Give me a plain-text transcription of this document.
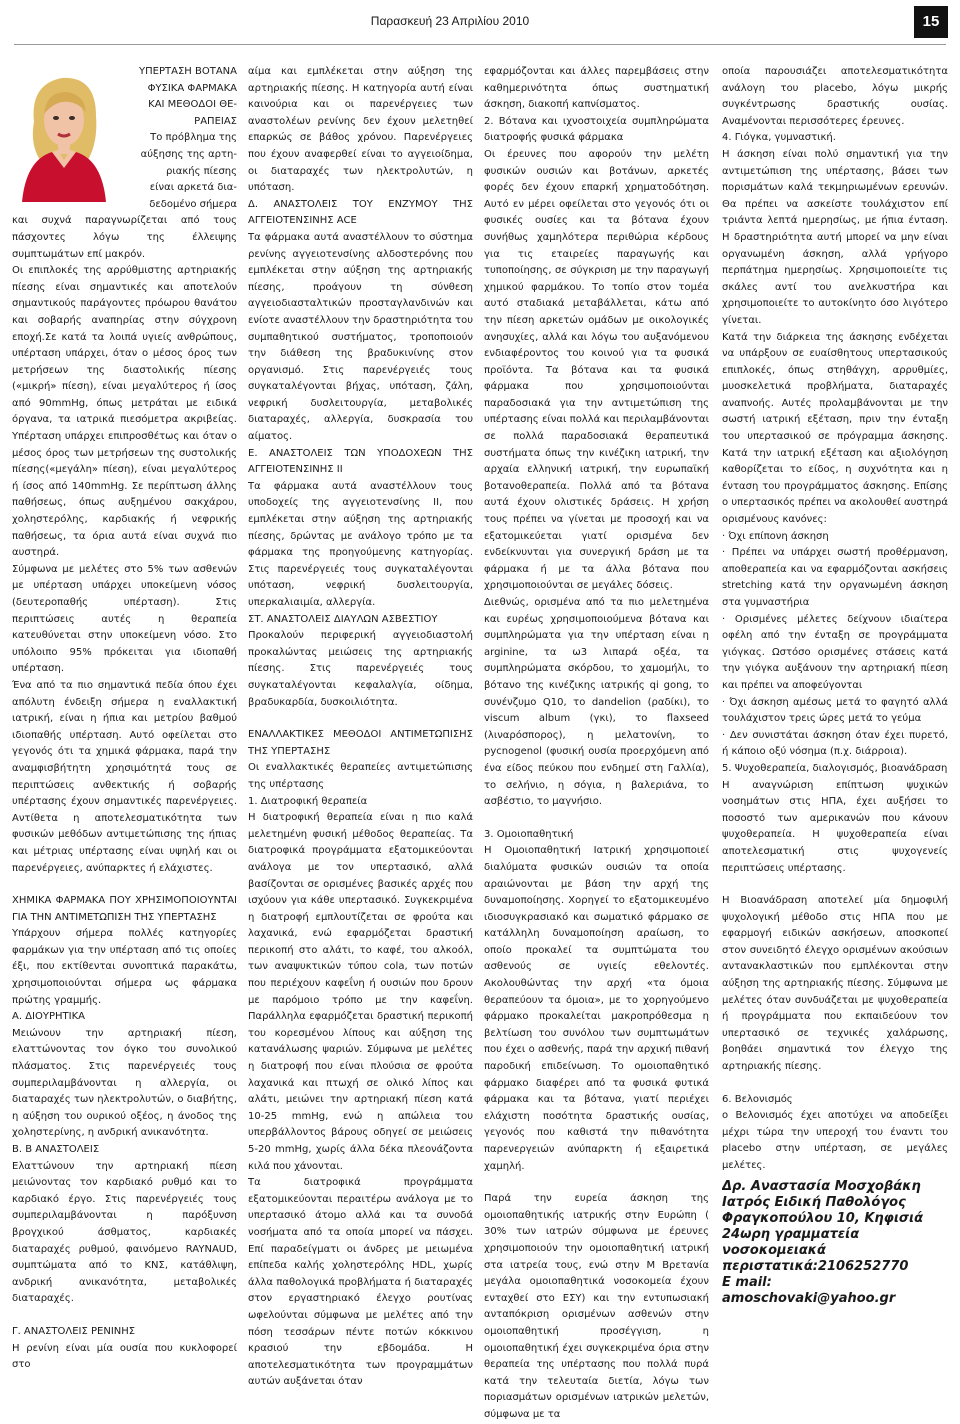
Παρασκευή 23 Απριλίου 2010	15

ΥΠΕΡΤΑΣΗ ΒΟΤΑΝΑ

ΦΥΣΙΚΑ ΦΑΡΜΑΚΑ

ΚΑΙ ΜΕΘΟΔΟΙ ΘΕ-

ΡΑΠΕΙΑΣ

Το πρόβλημα της

αύξησης της αρτη-

ριακής πίεσης

είναι αρκετά δια-

δεδομένο σήμερα

και συχνά παραγνωρίζεται από τους πάσχοντες λόγω της έλλειψης συμπτωμάτων επί μακρόν.

Οι επιπλοκές της αρρύθμιστης αρτηριακής πίεσης είναι σημαντικές και αποτελούν σημαντικούς παράγοντες πρόωρου θανάτου και σοβαρής αναπηρίας στην σύγχρονη εποχή.Σε κατά τα λοιπά υγιείς ανθρώπους, υπέρταση υπάρχει, όταν ο μέσος όρος των μετρήσεων της διαστολικής πίεσης («μικρή» πίεση), είναι μεγαλύτερος ή ίσος από 90mmHg, όπως μετράται με ειδικά όργανα, τα ιατρικά πιεσόμετρα ακριβείας. Υπέρταση υπάρχει επιπροσθέτως και όταν ο μέσος όρος των μετρήσεων της συστολικής πίεσης(«μεγάλη» πίεση), είναι μεγαλύτερος ή ίσος από 140mmHg. Σε περίπτωση άλλης παθήσεως, όπως αυξημένου σακχάρου, χοληστερόλης, καρδιακής ή νεφρικής παθήσεως, τα όρια αυτά είναι συχνά πιο αυστηρά.

Σύμφωνα με μελέτες στο 5% των ασθενών με υπέρταση υπάρχει υποκείμενη νόσος (δευτεροπαθής υπέρταση). Στις περιπτώσεις αυτές η θεραπεία κατευθύνεται στην υποκείμενη νόσο. Στο υπόλοιπο 95% πρόκειται για ιδιοπαθή υπέρταση.

Ένα από τα πιο σημαντικά πεδία όπου έχει απόλυτη ένδειξη σήμερα η εναλλακτική ιατρική, είναι η ήπια και μετρίου βαθμού ιδιοπαθής υπέρταση. Αυτό οφείλεται στο γεγονός ότι τα χημικά φάρμακα, παρά την αναμφισβήτητη χρησιμότητά τους σε περιπτώσεις ανθεκτικής ή σοβαρής υπέρτασης έχουν σημαντικές παρενέργειες. Αντίθετα η αποτελεσματικότητα των φυσικών μεθόδων αντιμετώπισης της ήπιας και μέτριας υπέρτασης είναι υψηλή και οι παρενέργειες, ανύπαρκτες ή ελάχιστες.

ΧΗΜΙΚΑ ΦΑΡΜΑΚΑ ΠΟΥ ΧΡΗΣΙΜΟΠΟΙΟΥΝΤΑΙ ΓΙΑ ΤΗΝ ΑΝΤΙΜΕΤΩΠΙΣΗ ΤΗΣ ΥΠΕΡΤΑΣΗΣ

Υπάρχουν σήμερα πολλές κατηγορίες φαρμάκων για την υπέρταση από τις οποίες έξι, που εκτίθενται συνοπτικά παρακάτω, χρησιμοποιούνται σήμερα ως φάρμακα πρώτης γραμμής.

Α. ΔΙΟΥΡΗΤΙΚΑ

Μειώνουν την αρτηριακή πίεση, ελαττώνοντας τον όγκο του συνολικού πλάσματος. Στις παρενέργειές τους συμπεριλαμβάνονται η αλλεργία, οι διαταραχές των ηλεκτρολυτών, ο διαβήτης, η αύξηση του ουρικού οξέος, η άνοδος της χοληστερίνης, η ανδρική ανικανότητα.

Β. Β ΑΝΑΣΤΟΛΕΙΣ

Ελαττώνουν την αρτηριακή πίεση μειώνοντας τον καρδιακό ρυθμό και το καρδιακό έργο. Στις παρενέργειές τους συμπεριλαμβάνονται η παρόξυνση βρογχικού άσθματος, καρδιακές διαταραχές ρυθμού, φαινόμενο RAYNAUD, συμπτώματα από το ΚΝΣ, κατάθλιψη, ανδρική ανικανότητα, μεταβολικές διαταραχές.

Γ. ΑΝΑΣΤΟΛΕΙΣ ΡΕΝΙΝΗΣ

Η ρενίνη είναι μία ουσία που κυκλοφορεί στο

αίμα και εμπλέκεται στην αύξηση της αρτηριακής πίεσης. Η κατηγορία αυτή είναι καινούρια και οι παρενέργειες των αναστολέων ρενίνης δεν έχουν μελετηθεί επαρκώς σε βάθος χρόνου. Παρενέργειες που έχουν αναφερθεί είναι το αγγειοίδημα, οι διαταραχές των ηλεκτρολυτών, η υπόταση.

Δ. ΑΝΑΣΤΟΛΕΙΣ ΤΟΥ ΕΝΖΥΜΟΥ ΤΗΣ ΑΓΓΕΙΟΤΕΝΣΙΝΗΣ ACE

Τα φάρμακα αυτά αναστέλλουν το σύστημα ρενίνης αγγειοτενσίνης αλδοστερόνης που εμπλέκεται στην αύξηση της αρτηριακής πίεσης, προάγουν τη σύνθεση αγγειοδιασταλτικών προσταγλανδινών και ενίοτε αναστέλλουν την δραστηριότητα του συμπαθητικού συστήματος, τροποποιούν την διάθεση της βραδυκινίνης στον οργανισμό. Στις παρενέργειές τους συγκαταλέγονται βήχας, υπόταση, ζάλη, νεφρική δυσλειτουργία, μεταβολικές διαταραχές, αλλεργία, δυσκρασία του αίματος.

Ε. ΑΝΑΣΤΟΛΕΙΣ ΤΩΝ ΥΠΟΔΟΧΕΩΝ ΤΗΣ ΑΓΓΕΙΟΤΕΝΣΙΝΗΣ ΙΙ

Τα φάρμακα αυτά αναστέλλουν τους υποδοχείς της αγγειοτενσίνης ΙΙ, που εμπλέκεται στην αύξηση της αρτηριακής πίεσης, δρώντας με ανάλογο τρόπο με τα φάρμακα της προηγούμενης κατηγορίας. Στις παρενέργειές τους συγκαταλέγονται υπόταση, νεφρική δυσλειτουργία, υπερκαλιαιμία, αλλεργία.

ΣΤ. ΑΝΑΣΤΟΛΕΙΣ ΔΙΑΥΛΩΝ ΑΣΒΕΣΤΙΟΥ

Προκαλούν περιφερική αγγειοδιαστολή προκαλώντας μειώσεις της αρτηριακής πίεσης. Στις παρενέργειές τους συγκαταλέγονται κεφαλαλγία, οίδημα, βραδυκαρδία, δυσκοιλιότητα.

ΕΝΑΛΛΑΚΤΙΚΕΣ ΜΕΘΟΔΟΙ ΑΝΤΙΜΕΤΩΠΙΣΗΣ ΤΗΣ ΥΠΕΡΤΑΣΗΣ

Οι εναλλακτικές θεραπείες αντιμετώπισης της υπέρτασης

1. Διατροφική θεραπεία

Η διατροφική θεραπεία είναι η πιο καλά μελετημένη φυσική μέθοδος θεραπείας. Τα διατροφικά προγράμματα εξατομικεύονται ανάλογα με τον υπερτασικό, αλλά βασίζονται σε ορισμένες βασικές αρχές που ισχύουν για κάθε υπερτασικό. Συγκεκριμένα η διατροφή εμπλουτίζεται σε φρούτα και λαχανικά, ενώ εφαρμόζεται δραστική περικοπή στο αλάτι, το καφέ, του αλκοόλ, των αναψυκτικών τύπου cola, των ποτών που περιέχουν καφεΐνη ή ουσιών που δρουν με παρόμοιο τρόπο με την καφεΐνη. Παράλληλα εφαρμόζεται δραστική περικοπή του κορεσμένου λίπους και αύξηση της κατανάλωσης ψαριών. Σύμφωνα με μελέτες η διατροφή που είναι πλούσια σε φρούτα λαχανικά και πτωχή σε ολικό λίπος και αλάτι, μειώνει την αρτηριακή πίεση κατά 10-25 mmHg, ενώ η απώλεια του υπερβάλλοντος βάρους οδηγεί σε μειώσεις 5-20 mmHg, χωρίς άλλα δέκα πλεονάζοντα κιλά που χάνονται.

Τα διατροφικά προγράμματα εξατομικεύονται περαιτέρω ανάλογα με το υπερτασικό άτομο αλλά και τα συνοδά νοσήματα από τα οποία μπορεί να πάσχει. Επί παραδείγματι οι άνδρες με μειωμένα επίπεδα καλής χοληστερόλης HDL, χωρίς άλλα παθολογικά προβλήματα ή διαταραχές στον εργαστηριακό έλεγχο ρουτίνας ωφελούνται σύμφωνα με μελέτες από την πόση τεσσάρων πέντε ποτών κόκκινου κρασιού την εβδομάδα. Η αποτελεσματικότητα των προγραμμάτων αυτών αυξάνεται όταν

εφαρμόζονται και άλλες παρεμβάσεις στην καθημερινότητα όπως συστηματική άσκηση, διακοπή καπνίσματος.

2. Βότανα και ιχνοστοιχεία συμπληρώματα διατροφής φυσικά φάρμακα

Οι έρευνες που αφορούν την μελέτη φυσικών ουσιών και βοτάνων, αρκετές φορές δεν έχουν επαρκή χρηματοδότηση. Αυτό εν μέρει οφείλεται στο γεγονός ότι οι φυσικές ουσίες και τα βότανα έχουν συνήθως χαμηλότερα περιθώρια κέρδους για τις εταιρείες παραγωγής και τυποποίησης, σε σύγκριση με την παραγωγή χημικού φαρμάκου. Το τοπίο στον τομέα αυτό σταδιακά μεταβάλλεται, κάτω από την πίεση αρκετών ομάδων με οικολογικές ανησυχίες, αλλά και λόγω του αυξανόμενου ενδιαφέροντος του κοινού για τα φυσικά προϊόντα. Τα βότανα και τα φυσικά φάρμακα που χρησιμοποιούνται παραδοσιακά για την αντιμετώπιση της υπέρτασης είναι πολλά και περιλαμβάνονται σε πολλά παραδοσιακά θεραπευτικά συστήματα όπως την κινέζικη ιατρική, την αρχαία ελληνική ιατρική, την ευρωπαϊκή βοτανοθεραπεία. Πολλά από τα βότανα αυτά έχουν ολιστικές δράσεις. Η χρήση τους πρέπει να γίνεται με προσοχή και να εξατομικεύεται γιατί ορισμένα δεν ενδείκνυνται για συνεργική δράση με τα φάρμακα ή με τα άλλα βότανα που χρησιμοποιούνται σε μεγάλες δόσεις.

Διεθνώς, ορισμένα από τα πιο μελετημένα και ευρέως χρησιμοποιούμενα βότανα και συμπληρώματα για την υπέρταση είναι η arginine, τα ω3 λιπαρά οξέα, τα συμπληρώματα σκόρδου, το χαμομήλι, το βότανο της κινέζικης ιατρικής qi gong, το συνένζυμο Q10, το dandelion (ραδίκι), το viscum album (γκι), το flaxseed (λιναρόσπορος), η μελατονίνη, το pycnogenol (φυσική ουσία προερχόμενη από ένα είδος πεύκου που ενδημεί στη Γαλλία), το σελήνιο, η σόγια, η βαλεριάνα, το ασβέστιο, το μαγνήσιο.

3. Ομοιοπαθητική

Η Ομοιοπαθητική Ιατρική χρησιμοποιεί διαλύματα φυσικών ουσιών τα οποία αραιώνονται με βάση την αρχή της δυναμοποίησης. Χορηγεί το εξατομικευμένο ιδιοσυγκρασιακό και σωματικό φάρμακο σε κατάλληλη δυναμοποίηση αραίωση, το οποίο προκαλεί τα συμπτώματα του ασθενούς σε υγιείς εθελοντές. Ακολουθώντας την αρχή «τα όμοια θεραπεύουν τα όμοια», με το χορηγούμενο φάρμακο προκαλείται μακροπρόθεσμα η βελτίωση του συνόλου των συμπτωμάτων που έχει ο ασθενής, παρά την αρχική πιθανή παροδική επιδείνωση. Το ομοιοπαθητικό φάρμακο διαφέρει από τα φυσικά φυτικά φάρμακα και τα βότανα, γιατί περιέχει ελάχιστη ποσότητα δραστικής ουσίας, γεγονός που καθιστά την πιθανότητα παρενεργειών ανύπαρκτη ή εξαιρετικά χαμηλή.

Παρά την ευρεία άσκηση της ομοιοπαθητικής ιατρικής στην Ευρώπη ( 30% των ιατρών σύμφωνα με έρευνες χρησιμοποιούν την ομοιοπαθητική ιατρική στα ιατρεία τους, ενώ στην Μ Βρετανία μεγάλα ομοιοπαθητικά νοσοκομεία έχουν ενταχθεί στο ΕΣΥ) και την εντυπωσιακή ανταπόκριση ορισμένων ασθενών στην ομοιοπαθητική προσέγγιση, η ομοιοπαθητική έχει συγκεκριμένα όρια στην θεραπεία της υπέρτασης που πολλά πυρά κατά την τελευταία διετία, λόγω των ποριασμάτων ορισμένων ιατρικών μελετών, σύμφωνα με τα

οποία παρουσιάζει αποτελεσματικότητα ανάλογη του placebo, λόγω μικρής συγκέντρωσης δραστικής ουσίας. Αναμένονται περισσότερες έρευνες.

4. Γιόγκα, γυμναστική.

Η άσκηση είναι πολύ σημαντική για την αντιμετώπιση της υπέρτασης, βάσει των πορισμάτων καλά τεκμηριωμένων ερευνών. Θα πρέπει να ασκείστε τουλάχιστον επί τριάντα λεπτά ημερησίως, με ήπια ένταση. Η δραστηριότητα αυτή μπορεί να μην είναι οργανωμένη άσκηση, αλλά γρήγορο περπάτημα ημερησίως. Χρησιμοποιείτε τις σκάλες αντί του ανελκυστήρα και χρησιμοποιείτε το αυτοκίνητο όσο λιγότερο γίνεται.

Κατά την διάρκεια της άσκησης ενδέχεται να υπάρξουν σε ευαίσθητους υπερτασικούς επιπλοκές, όπως στηθάγχη, αρρυθμίες, μυοσκελετικά προβλήματα, διαταραχές αναπνοής. Αυτές προλαμβάνονται με την σωστή ιατρική εξέταση, πριν την ένταξη του υπερτασικού σε πρόγραμμα άσκησης. Κατά την ιατρική εξέταση και αξιολόγηση καθορίζεται το είδος, η συχνότητα και η ένταση του προγράμματος άσκησης. Επίσης ο υπερτασικός πρέπει να ακολουθεί αυστηρά ορισμένους κανόνες:

· Όχι επίπονη άσκηση

· Πρέπει να υπάρχει σωστή προθέρμανση, αποθεραπεία και να εφαρμόζονται ασκήσεις stretching κατά την οργανωμένη άσκηση στα γυμναστήρια

· Ορισμένες μέλετες δείχνουν ιδιαίτερα οφέλη από την ένταξη σε προγράμματα γιόγκας. Ωστόσο ορισμένες στάσεις κατά την γιόγκα αυξάνουν την αρτηριακή πίεση και πρέπει να αποφεύγονται

· Όχι άσκηση αμέσως μετά το φαγητό αλλά τουλάχιστον τρεις ώρες μετά το γεύμα

· Δεν συνιστάται άσκηση όταν έχει πυρετό, ή κάποιο οξύ νόσημα (π.χ. διάρροια).

5. Ψυχοθεραπεία, διαλογισμός, βιοανάδραση

Η αναγνώριση επίπτωση ψυχικών νοσημάτων στις ΗΠΑ, έχει αυξήσει το ποσοστό των αμερικανών που κάνουν ψυχοθεραπεία. Η ψυχοθεραπεία είναι αποτελεσματική στις ψυχογενείς περιπτώσεις υπέρτασης.

Η Βιοανάδραση αποτελεί μία δημοφιλή ψυχολογική μέθοδο στις ΗΠΑ που με εφαρμογή ειδικών ασκήσεων, αποσκοπεί στον συνειδητό έλεγχο ορισμένων ακούσιων αντανακλαστικών που εμπλέκονται στην αύξηση της αρτηριακής πίεσης. Σύμφωνα με μελέτες όταν συνδυάζεται με ψυχοθεραπεία ή προγράμματα που εκπαιδεύουν τον υπερτασικό σε τεχνικές χαλάρωσης, βοηθάει σημαντικά τον έλεγχο της αρτηριακής πίεσης.

6. Βελονισμός

ο Βελονισμός έχει αποτύχει να αποδείξει μέχρι τώρα την υπεροχή του έναντι του placebo στην υπέρταση, σε μεγάλες μελέτες.

Δρ. Αναστασία Μοσχοβάκη
Ιατρός Ειδική Παθολόγος
Φραγκοπούλου 10, Κηφισιά
24ωρη γραμματεία νοσοκομειακά
περιστατικά:2106252770
E mail: amoschovaki@yahoo.gr
